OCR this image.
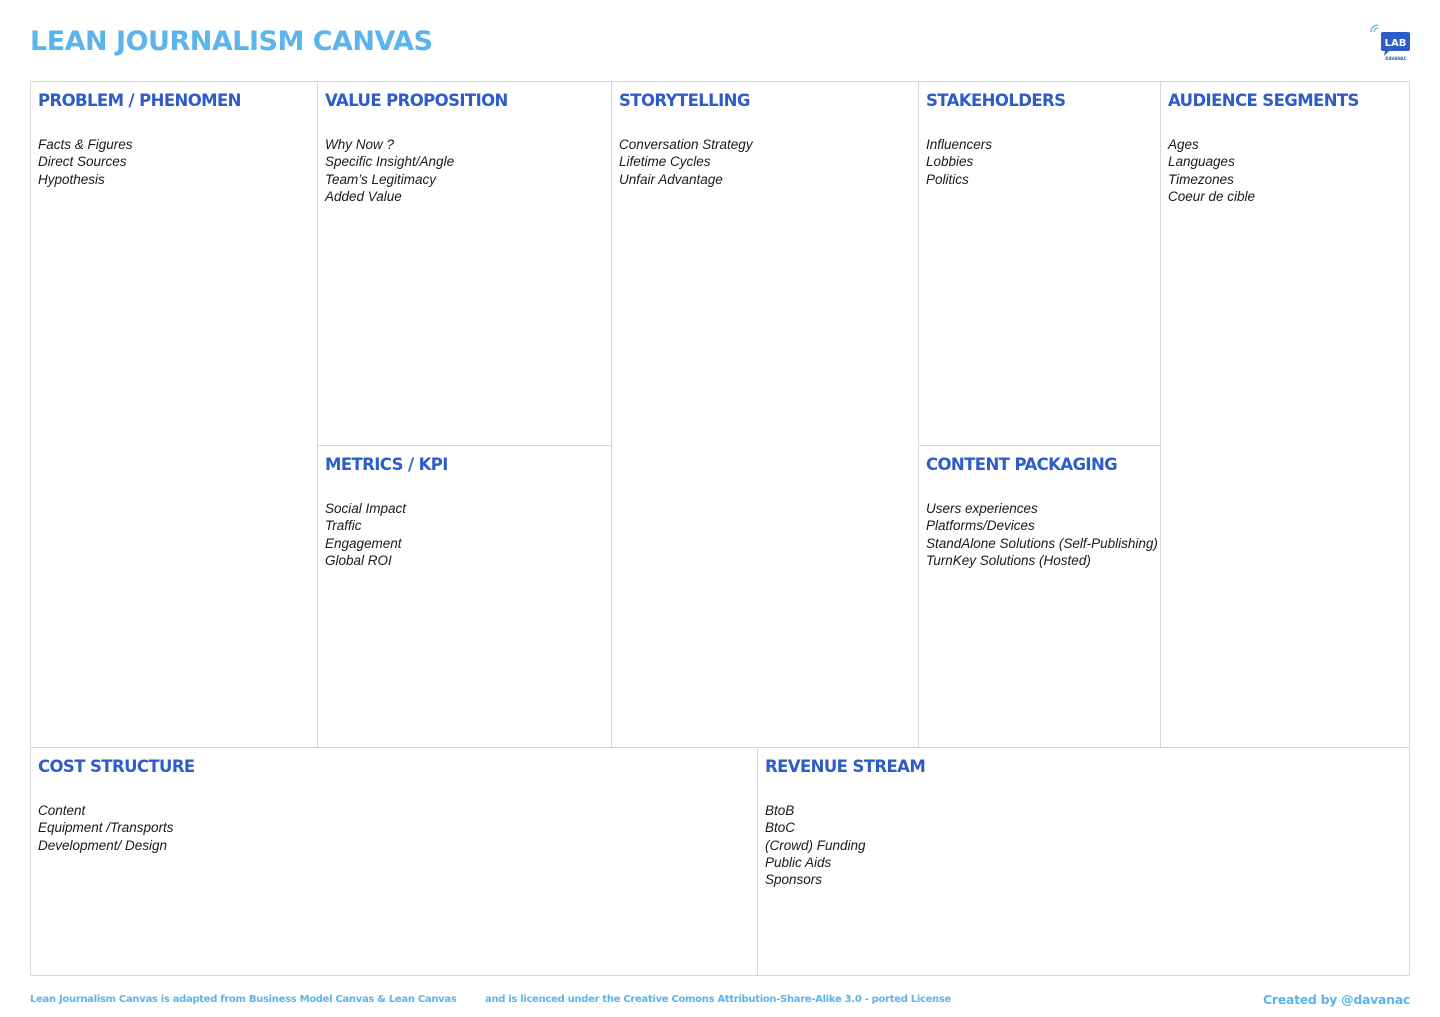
LEAN JOURNALISM CANVAS	LAB
DAVANAC
PROBLEM / PHENOMEN
Facts & Figures
Direct Sources
Hypothesis
VALUE PROPOSITION
Why Now ?
Specific Insight/Angle
Team’s Legitimacy
Added Value
METRICS / KPI
Social Impact
Traffic
Engagement
Global ROI
STORYTELLING
Conversation Strategy
Lifetime Cycles
Unfair Advantage
STAKEHOLDERS
Influencers
Lobbies
Politics
CONTENT PACKAGING
Users experiences
Platforms/Devices
StandAlone Solutions (Self-Publishing)
TurnKey Solutions (Hosted)
AUDIENCE SEGMENTS
Ages
Languages
Timezones
Coeur de cible
COST STRUCTURE
Content
Equipment /Transports
Development/ Design
REVENUE STREAM
BtoB
BtoC
(Crowd) Funding
Public Aids
Sponsors
Lean Journalism Canvas is adapted from Business Model Canvas & Lean Canvas	and is licenced under the Creative Comons Attribution-Share-Alike 3.0 - ported License	Created by @davanac
